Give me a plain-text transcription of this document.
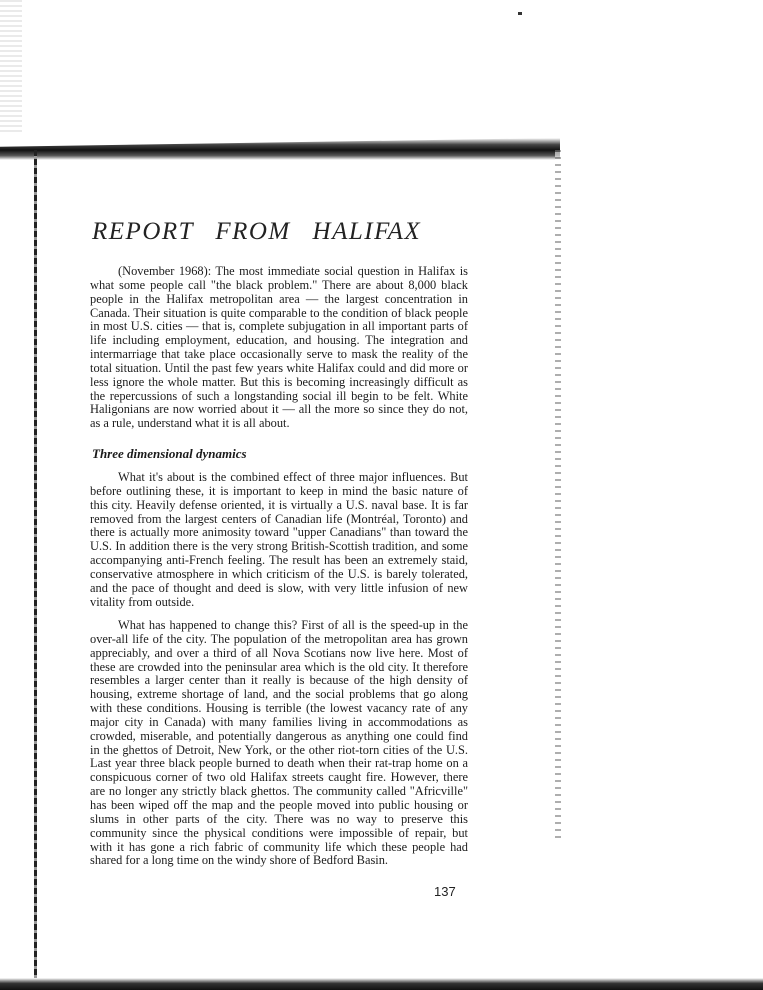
REPORT FROM HALIFAX

(November 1968): The most immediate social question in Halifax is what some people call "the black problem." There are about 8,000 black people in the Halifax metropolitan area — the largest concentration in Canada. Their situation is quite comparable to the condition of black people in most U.S. cities — that is, complete subjugation in all important parts of life including employment, education, and housing. The integration and intermarriage that take place occasionally serve to mask the reality of the total situation. Until the past few years white Halifax could and did more or less ignore the whole matter. But this is becoming increasingly difficult as the repercussions of such a longstanding social ill begin to be felt. White Haligonians are now worried about it — all the more so since they do not, as a rule, understand what it is all about.

Three dimensional dynamics

What it's about is the combined effect of three major influences. But before outlining these, it is important to keep in mind the basic nature of this city. Heavily defense oriented, it is virtually a U.S. naval base. It is far removed from the largest centers of Canadian life (Montréal, Toronto) and there is actually more animosity toward "upper Canadians" than toward the U.S. In addition there is the very strong British-Scottish tradition, and some accompanying anti-French feeling. The result has been an extremely staid, conservative atmosphere in which criticism of the U.S. is barely tolerated, and the pace of thought and deed is slow, with very little infusion of new vitality from outside.

What has happened to change this? First of all is the speed-up in the over-all life of the city. The population of the metropolitan area has grown appreciably, and over a third of all Nova Scotians now live here. Most of these are crowded into the peninsular area which is the old city. It therefore resembles a larger center than it really is because of the high density of housing, extreme shortage of land, and the social problems that go along with these conditions. Housing is terrible (the lowest vacancy rate of any major city in Canada) with many families living in accommodations as crowded, miserable, and potentially dangerous as anything one could find in the ghettos of Detroit, New York, or the other riot-torn cities of the U.S. Last year three black people burned to death when their rat-trap home on a conspicuous corner of two old Halifax streets caught fire. However, there are no longer any strictly black ghettos. The community called "Africville" has been wiped off the map and the people moved into public housing or slums in other parts of the city. There was no way to preserve this community since the physical conditions were impossible of repair, but with it has gone a rich fabric of community life which these people had shared for a long time on the windy shore of Bedford Basin.

137
